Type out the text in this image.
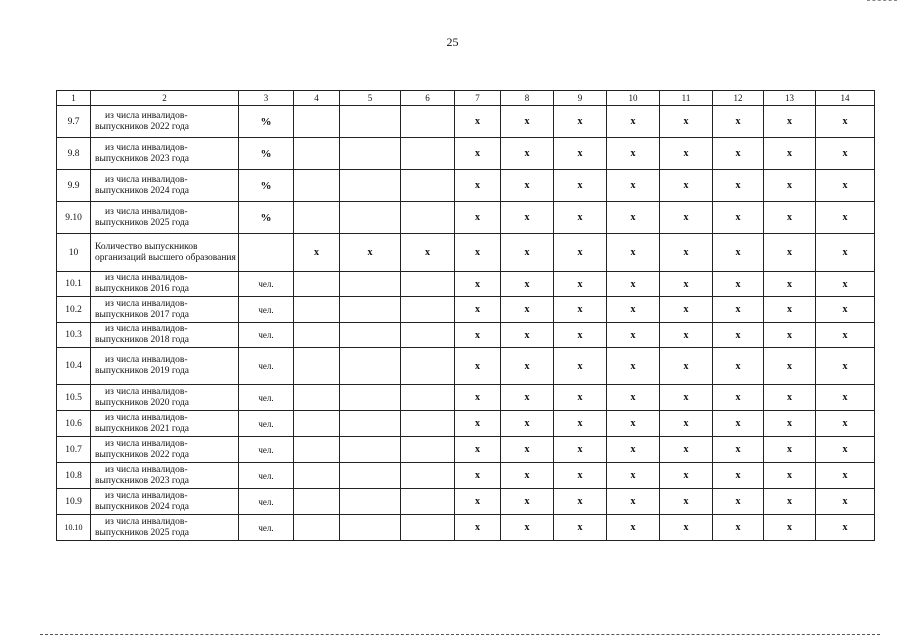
25
1	2	3	4	5	6	7	8	9	10	11	12	13	14
9.7	из числа инвалидов-
выпускников 2022 года	%				x	x	x	x	x	x	x	x
9.8	из числа инвалидов-
выпускников 2023 года	%				x	x	x	x	x	x	x	x
9.9	из числа инвалидов-
выпускников 2024 года	%				x	x	x	x	x	x	x	x
9.10	из числа инвалидов-
выпускников 2025 года	%				x	x	x	x	x	x	x	x
10	Количество выпускников организаций высшего образования		x	x	x	x	x	x	x	x	x	x	x
10.1	из числа инвалидов-
выпускников 2016 года	чел.				x	x	x	x	x	x	x	x
10.2	из числа инвалидов-
выпускников 2017 года	чел.				x	x	x	x	x	x	x	x
10.3	из числа инвалидов-
выпускников 2018 года	чел.				x	x	x	x	x	x	x	x
10.4	из числа инвалидов-
выпускников 2019 года	чел.				x	x	x	x	x	x	x	x
10.5	из числа инвалидов-
выпускников 2020 года	чел.				x	x	x	x	x	x	x	x
10.6	из числа инвалидов-
выпускников 2021 года	чел.				x	x	x	x	x	x	x	x
10.7	из числа инвалидов-
выпускников 2022 года	чел.				x	x	x	x	x	x	x	x
10.8	из числа инвалидов-
выпускников 2023 года	чел.				x	x	x	x	x	x	x	x
10.9	из числа инвалидов-
выпускников 2024 года	чел.				x	x	x	x	x	x	x	x
10.10	из числа инвалидов-
выпускников 2025 года	чел.				x	x	x	x	x	x	x	x
